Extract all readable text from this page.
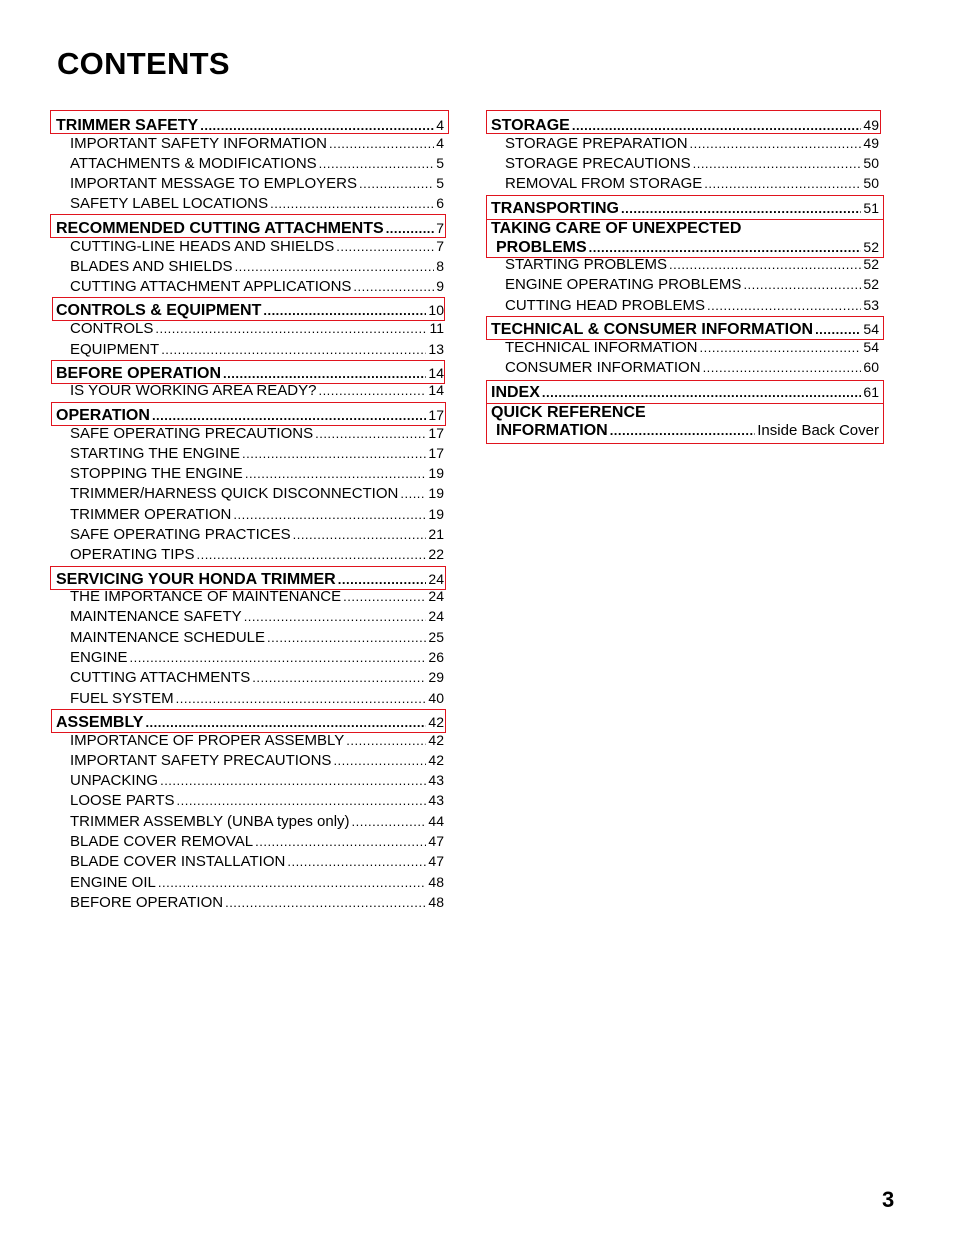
CONTENTS
TRIMMER SAFETY .....	4
IMPORTANT SAFETY INFORMATION .....	4
ATTACHMENTS & MODIFICATIONS .....	5
IMPORTANT MESSAGE TO EMPLOYERS .....	5
SAFETY LABEL LOCATIONS .....	6
RECOMMENDED CUTTING ATTACHMENTS .....	7
CUTTING-LINE HEADS AND SHIELDS .....	7
BLADES AND SHIELDS .....	8
CUTTING ATTACHMENT APPLICATIONS .....	9
CONTROLS & EQUIPMENT .....	10
CONTROLS .....	11
EQUIPMENT .....	13
BEFORE OPERATION .....	14
IS YOUR WORKING AREA READY? .....	14
OPERATION .....	17
SAFE OPERATING PRECAUTIONS .....	17
STARTING THE ENGINE .....	17
STOPPING THE ENGINE .....	19
TRIMMER/HARNESS QUICK DISCONNECTION ..... 19
TRIMMER OPERATION .....	19
SAFE OPERATING PRACTICES .....	21
OPERATING TIPS .....	22
SERVICING YOUR HONDA TRIMMER .....	24
THE IMPORTANCE OF MAINTENANCE .....	24
MAINTENANCE SAFETY .....	24
MAINTENANCE SCHEDULE .....	25
ENGINE .....	26
CUTTING ATTACHMENTS .....	29
FUEL SYSTEM .....	40
ASSEMBLY .....	42
IMPORTANCE OF PROPER ASSEMBLY .....	42
IMPORTANT SAFETY PRECAUTIONS .....	42
UNPACKING .....	43
LOOSE PARTS .....	43
TRIMMER ASSEMBLY (UNBA types only) .....	44
BLADE COVER REMOVAL .....	47
BLADE COVER INSTALLATION .....	47
ENGINE OIL .....	48
BEFORE OPERATION .....	48
STORAGE .....	49
STORAGE PREPARATION .....	49
STORAGE PRECAUTIONS .....	50
REMOVAL FROM STORAGE .....	50
TRANSPORTING .....	51
TAKING CARE OF UNEXPECTED
PROBLEMS .....	52
STARTING PROBLEMS .....	52
ENGINE OPERATING PROBLEMS .....	52
CUTTING HEAD PROBLEMS .....	53
TECHNICAL & CONSUMER INFORMATION .....	54
TECHNICAL INFORMATION .....	54
CONSUMER INFORMATION .....	60
INDEX .....	61
QUICK REFERENCE
INFORMATION .....	Inside Back Cover
3
